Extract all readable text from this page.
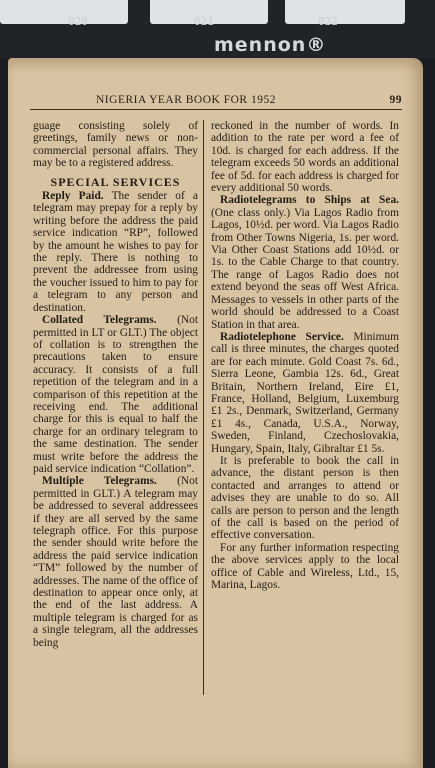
020	021	022
mennon®
NIGERIA YEAR BOOK FOR 1952	99

guage consisting solely of greetings, family news or non-commercial personal affairs. They may be to a registered address.

SPECIAL SERVICES

Reply Paid. The sender of a telegram may prepay for a reply by writing before the address the paid service indication “RP”, followed by the amount he wishes to pay for the reply. There is nothing to prevent the addressee from using the voucher issued to him to pay for a telegram to any person and destination.

Collated Telegrams. (Not permitted in LT or GLT.) The object of collation is to strengthen the precautions taken to ensure accuracy. It consists of a full repetition of the telegram and in a comparison of this repetition at the receiving end. The additional charge for this is equal to half the charge for an ordinary telegram to the same destination. The sender must write before the address the paid service indication “Collation”.

Multiple Telegrams. (Not permitted in GLT.) A telegram may be addressed to several addressees if they are all served by the same telegraph office. For this purpose the sender should write before the address the paid service indication “TM” followed by the number of addresses. The name of the office of destination to appear once only, at the end of the last address. A multiple telegram is charged for as a single telegram, all the addresses being

reckoned in the number of words. In addition to the rate per word a fee of 10d. is charged for each address. If the telegram exceeds 50 words an additional fee of 5d. for each address is charged for every additional 50 words.

Radiotelegrams to Ships at Sea. (One class only.) Via Lagos Radio from Lagos, 10½d. per word. Via Lagos Radio from Other Towns Nigeria, 1s. per word. Via Other Coast Stations add 10½d. or 1s. to the Cable Charge to that country. The range of Lagos Radio does not extend beyond the seas off West Africa. Messages to vessels in other parts of the world should be addressed to a Coast Station in that area.

Radiotelephone Service. Minimum call is three minutes, the charges quoted are for each minute. Gold Coast 7s. 6d., Sierra Leone, Gambia 12s. 6d., Great Britain, Northern Ireland, Eire £1, France, Holland, Belgium, Luxemburg £1 2s., Denmark, Switzerland, Germany £1 4s., Canada, U.S.A., Norway, Sweden, Finland, Czechoslovakia, Hungary, Spain, Italy, Gibraltar £1 5s.

It is preferable to book the call in advance, the distant person is then contacted and arranges to attend or advises they are unable to do so. All calls are person to person and the length of the call is based on the period of effective conversation.

For any further information respecting the above services apply to the local office of Cable and Wireless, Ltd., 15, Marina, Lagos.
